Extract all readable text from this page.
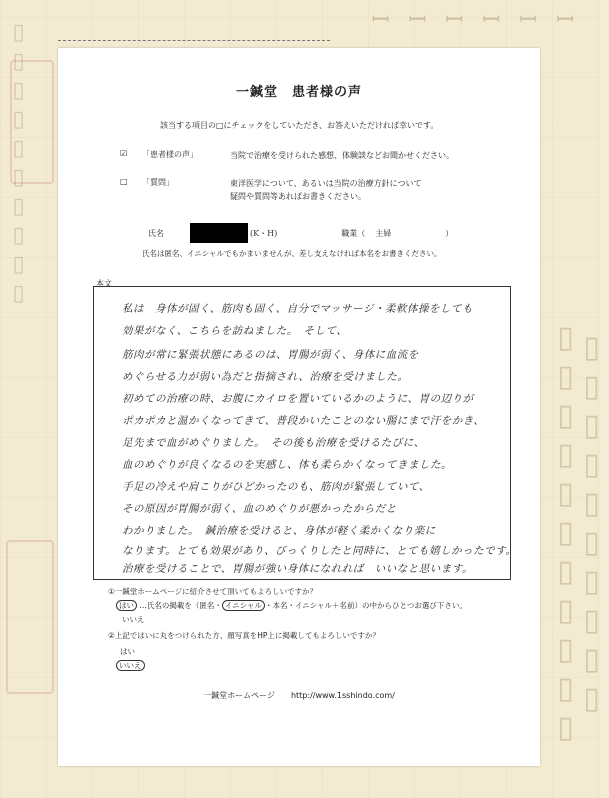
ꟷ ꟷ ꟷ ꟷ ꟷ ꟷ
▯▯▯▯▯▯▯▯▯▯
▯▯▯▯▯▯▯▯▯▯▯
▯▯▯▯▯▯▯▯▯▯
一鍼堂　患者様の声
該当する項目の□にチェックをしていただき、お答えいただければ幸いです。
☑	「患者様の声」	当院で治療を受けられた感想、体験談などお聞かせください。
□	「質問」	東洋医学について、あるいは当院の治療方針について
疑問や質問等あればお書きください。
氏名	(K・H)	職業（ 主婦	）
氏名は匿名、イニシャルでもかまいませんが、差し支えなければ本名をお書きください。
本文
私は　身体が固く、筋肉も固く、自分でマッサージ・柔軟体操をしても
効果がなく、こちらを訪ねました。　そして、
筋肉が常に緊張状態にあるのは、胃腸が弱く、身体に血流を
めぐらせる力が弱い為だと指摘され、治療を受けました。
初めての治療の時、お腹にカイロを置いているかのように、胃の辺りが
ポカポカと温かくなってきて、普段かいたことのない腸にまで汗をかき、
足先まで血がめぐりました。　その後も治療を受けるたびに、
血のめぐりが良くなるのを実感し、体も柔らかくなってきました。
手足の冷えや肩こりがひどかったのも、筋肉が緊張していて、
その原因が胃腸が弱く、血のめぐりが悪かったからだと
わかりました。　鍼治療を受けると、身体が軽く柔かくなり楽に
なります。とても効果があり、びっくりしたと同時に、とても嬉しかったです。
治療を受けることで、胃腸が強い身体になれれば　いいなと思います。
①一鍼堂ホームページに紹介させて頂いてもよろしいですか？
はい …氏名の掲載を（匿名・ イニシャル ・本名・イニシャル＋名前）の中からひとつお選び下さい。
いいえ
②上記ではいに丸をつけられた方、顔写真をHP上に掲載してもよろしいですか？
はい
いいえ
一鍼堂ホームページ　　http://www.1sshindo.com/
